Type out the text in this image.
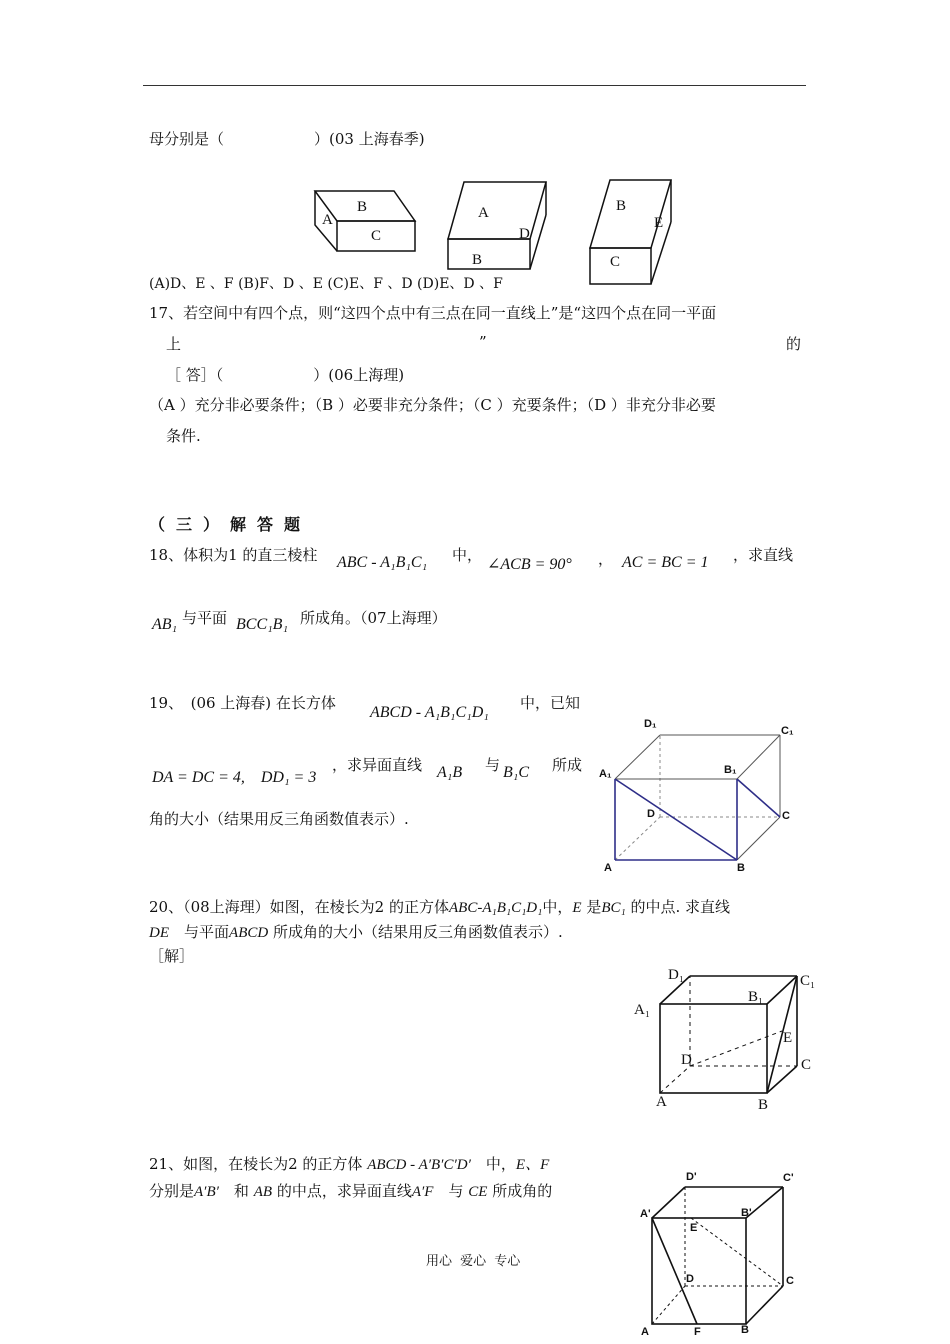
母分别是（　　　　　　）(03 上海春季)
B
A
C
A
D
B
B
E
C
(A)D、E 、F (B)F、D 、E (C)E、F 、D (D)E、D 、F
17、若空间中有四个点，则“这四个点中有三点在同一直线上”是“这四个点在同一平面
上	”	的
［ 答］（　　　　　　）(06上海理)
（A ）充分非必要条件；（B ）必要非充分条件；（C ）充要条件；（D ）非充分非必要
条件.
（三）解答题
18、体积为1 的直三棱柱 ABC - A₁B₁C₁ 中，
∠ACB = 90° ， AC = BC = 1 ，求直线
AB₁ 与平面 BCC₁B₁ 所成角。（07上海理）
19、　(06 上海春) 在长方体
ABCD - A₁B₁C₁D₁
中，已知
DA = DC = 4,　DD₁ = 3
，求异面直线 A₁B 与 B₁C 所成
角的大小（结果用反三角函数值表示）.
D₁
C₁
A₁	B₁
D	C
A	B
20、（08上海理）如图，在棱长为2 的正方体ABC-A₁B₁C₁D₁中，E 是BC₁ 的中点. 求直线
DE　 与平面ABCD 所成角的大小（结果用反三角函数值表示）.
［解］
D₁	C₁
A₁
B₁
E
D	C
A	B
21、如图，在棱长为2 的正方体 ABCD - A′B′C′D′　 中，E、F
分别是A′B′　 和 AB 的中点，求异面直线A′F　 与 CE 所成角的
D'	C'
A'	B'
E
D	C
A	F	B
用心 爱心 专心
